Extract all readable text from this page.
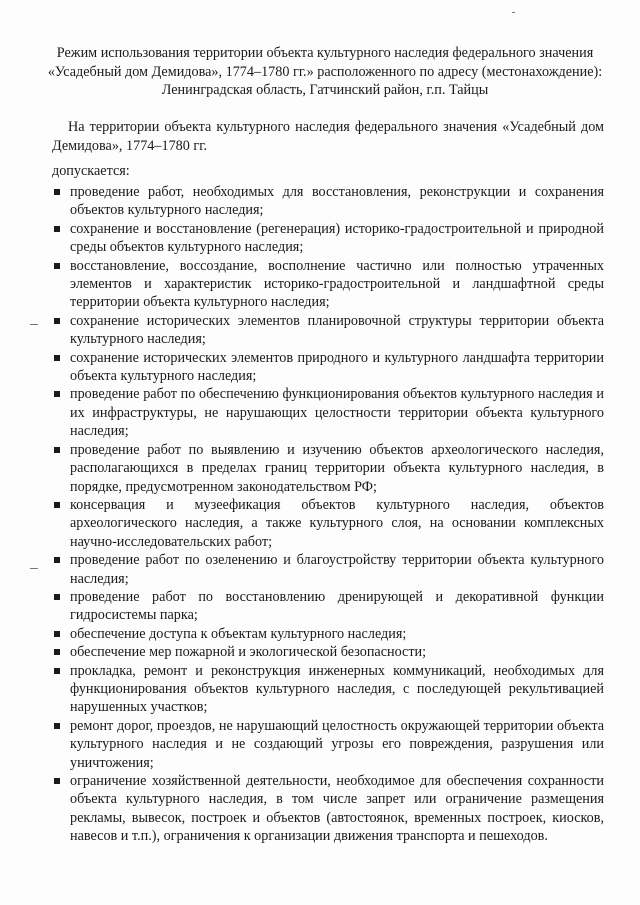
Режим использования территории объекта культурного наследия федерального значения «Усадебный дом Демидова», 1774–1780 гг.» расположенного по адресу (местонахождение): Ленинградская область, Гатчинский район, г.п. Тайцы
На территории объекта культурного наследия федерального значения «Усадебный дом Демидова», 1774–1780 гг.
допускается:
проведение работ, необходимых для восстановления, реконструкции и сохранения объектов культурного наследия;
сохранение и восстановление (регенерация) историко-градостроительной и природной среды объектов культурного наследия;
восстановление, воссоздание, восполнение частично или полностью утраченных элементов и характеристик историко-градостроительной и ландшафтной среды территории объекта культурного наследия;
сохранение исторических элементов планировочной структуры территории объекта культурного наследия;
сохранение исторических элементов природного и культурного ландшафта территории объекта культурного наследия;
проведение работ по обеспечению функционирования объектов культурного наследия и их инфраструктуры, не нарушающих целостности территории объекта культурного наследия;
проведение работ по выявлению и изучению объектов археологического наследия, располагающихся в пределах границ территории объекта культурного наследия, в порядке, предусмотренном законодательством РФ;
консервация и музеефикация объектов культурного наследия, объектов археологического наследия, а также культурного слоя, на основании комплексных научно-исследовательских работ;
проведение работ по озеленению и благоустройству территории объекта культурного наследия;
проведение работ по восстановлению дренирующей и декоративной функции гидросистемы парка;
обеспечение доступа к объектам культурного наследия;
обеспечение мер пожарной и экологической безопасности;
прокладка, ремонт и реконструкция инженерных коммуникаций, необходимых для функционирования объектов культурного наследия, с последующей рекультивацией нарушенных участков;
ремонт дорог, проездов, не нарушающий целостность окружающей территории объекта культурного наследия и не создающий угрозы его повреждения, разрушения или уничтожения;
ограничение хозяйственной деятельности, необходимое для обеспечения сохранности объекта культурного наследия, в том числе запрет или ограничение размещения рекламы, вывесок, построек и объектов (автостоянок, временных построек, киосков, навесов и т.п.), ограничения к организации движения транспорта и пешеходов.
